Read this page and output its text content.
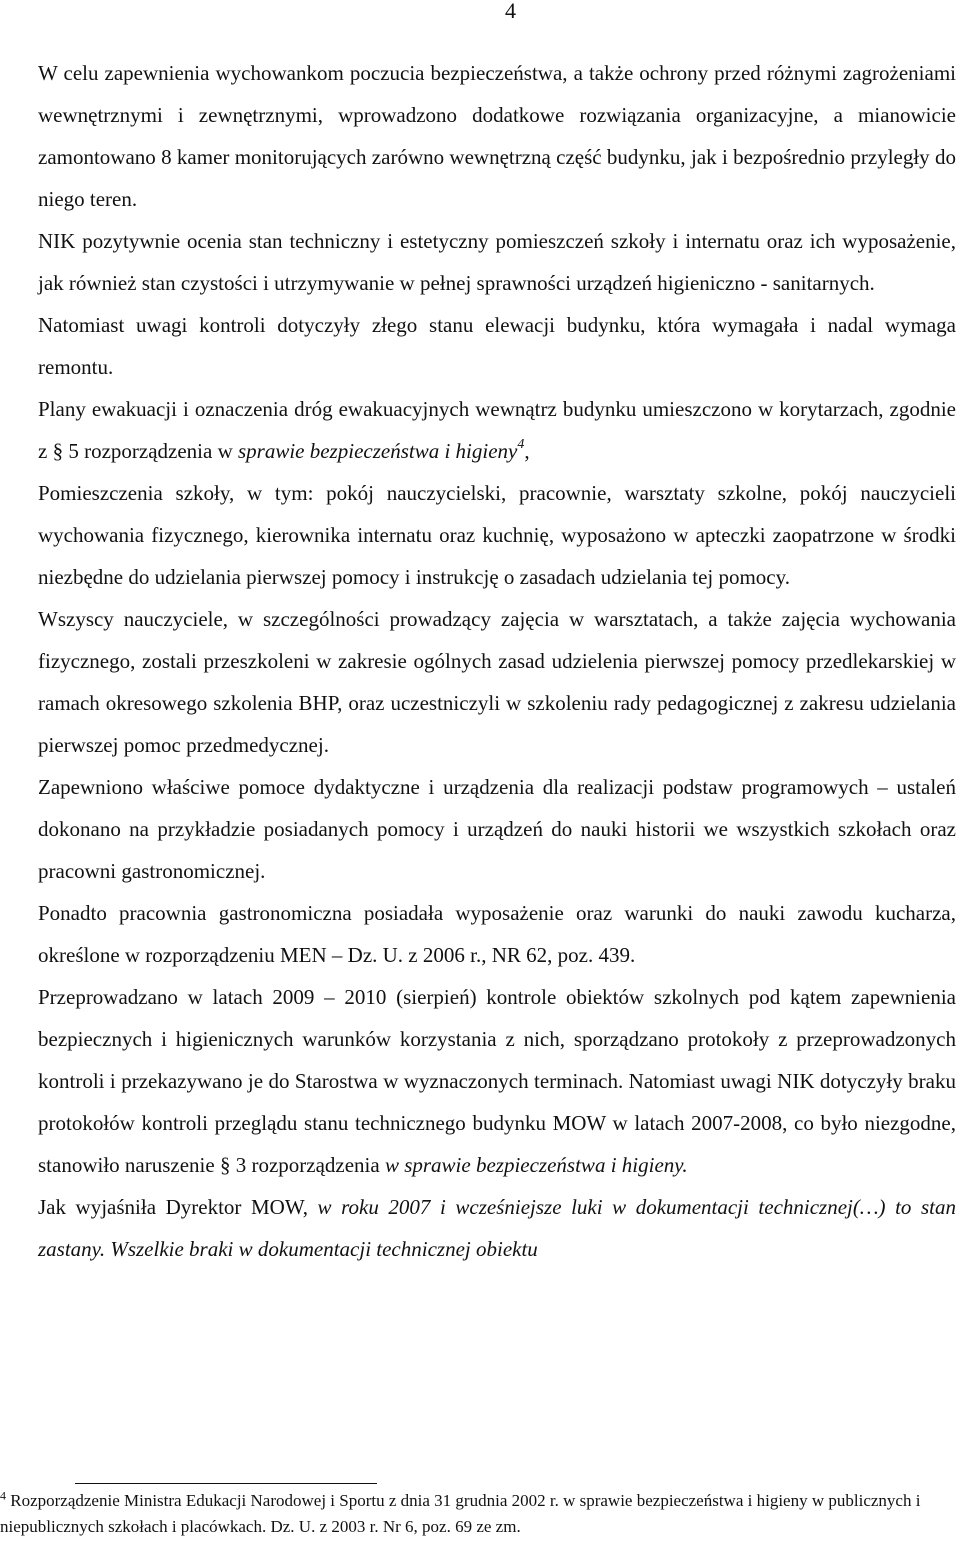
4

W celu zapewnienia wychowankom poczucia bezpieczeństwa, a także ochrony przed różnymi zagrożeniami wewnętrznymi i zewnętrznymi, wprowadzono dodatkowe rozwiązania organizacyjne, a mianowicie zamontowano 8 kamer monitorujących zarówno wewnętrzną część budynku, jak i bezpośrednio przyległy do niego teren.

NIK pozytywnie ocenia stan techniczny i estetyczny pomieszczeń szkoły i internatu oraz ich wyposażenie, jak również stan czystości i utrzymywanie w pełnej sprawności urządzeń higieniczno - sanitarnych.

Natomiast uwagi kontroli dotyczyły złego stanu elewacji budynku, która wymagała i nadal wymaga remontu.

Plany ewakuacji i oznaczenia dróg ewakuacyjnych wewnątrz budynku umieszczono w korytarzach, zgodnie z § 5 rozporządzenia w sprawie bezpieczeństwa i higieny$^4$,

Pomieszczenia szkoły, w tym: pokój nauczycielski, pracownie, warsztaty szkolne, pokój nauczycieli wychowania fizycznego, kierownika internatu oraz kuchnię, wyposażono w apteczki zaopatrzone w środki niezbędne do udzielania pierwszej pomocy i instrukcję o zasadach udzielania tej pomocy.

Wszyscy nauczyciele, w szczególności prowadzący zajęcia w warsztatach, a także zajęcia wychowania fizycznego, zostali przeszkoleni w zakresie ogólnych zasad udzielenia pierwszej pomocy przedlekarskiej w ramach okresowego szkolenia BHP, oraz uczestniczyli w szkoleniu rady pedagogicznej z zakresu udzielania pierwszej pomoc przedmedycznej.

Zapewniono właściwe pomoce dydaktyczne i urządzenia dla realizacji podstaw programowych – ustaleń dokonano na przykładzie posiadanych pomocy i urządzeń do nauki historii we wszystkich szkołach oraz pracowni gastronomicznej.

Ponadto pracownia gastronomiczna posiadała wyposażenie oraz warunki do nauki zawodu kucharza, określone w rozporządzeniu MEN – Dz. U. z 2006 r., NR 62, poz. 439.

Przeprowadzano w latach 2009 – 2010 (sierpień) kontrole obiektów szkolnych pod kątem zapewnienia bezpiecznych i higienicznych warunków korzystania z nich, sporządzano protokoły z przeprowadzonych kontroli i przekazywano je do Starostwa w wyznaczonych terminach. Natomiast uwagi NIK dotyczyły braku protokołów kontroli przeglądu stanu technicznego budynku MOW w latach 2007-2008, co było niezgodne, stanowiło naruszenie § 3 rozporządzenia w sprawie bezpieczeństwa i higieny.

Jak wyjaśniła Dyrektor MOW, w roku 2007 i wcześniejsze luki w dokumentacji technicznej(…) to stan zastany. Wszelkie braki w dokumentacji technicznej obiektu

$^4$ Rozporządzenie Ministra Edukacji Narodowej i Sportu z dnia 31 grudnia 2002 r. w sprawie bezpieczeństwa i higieny w publicznych i niepublicznych szkołach i placówkach. Dz. U. z 2003 r. Nr 6, poz. 69 ze zm.
